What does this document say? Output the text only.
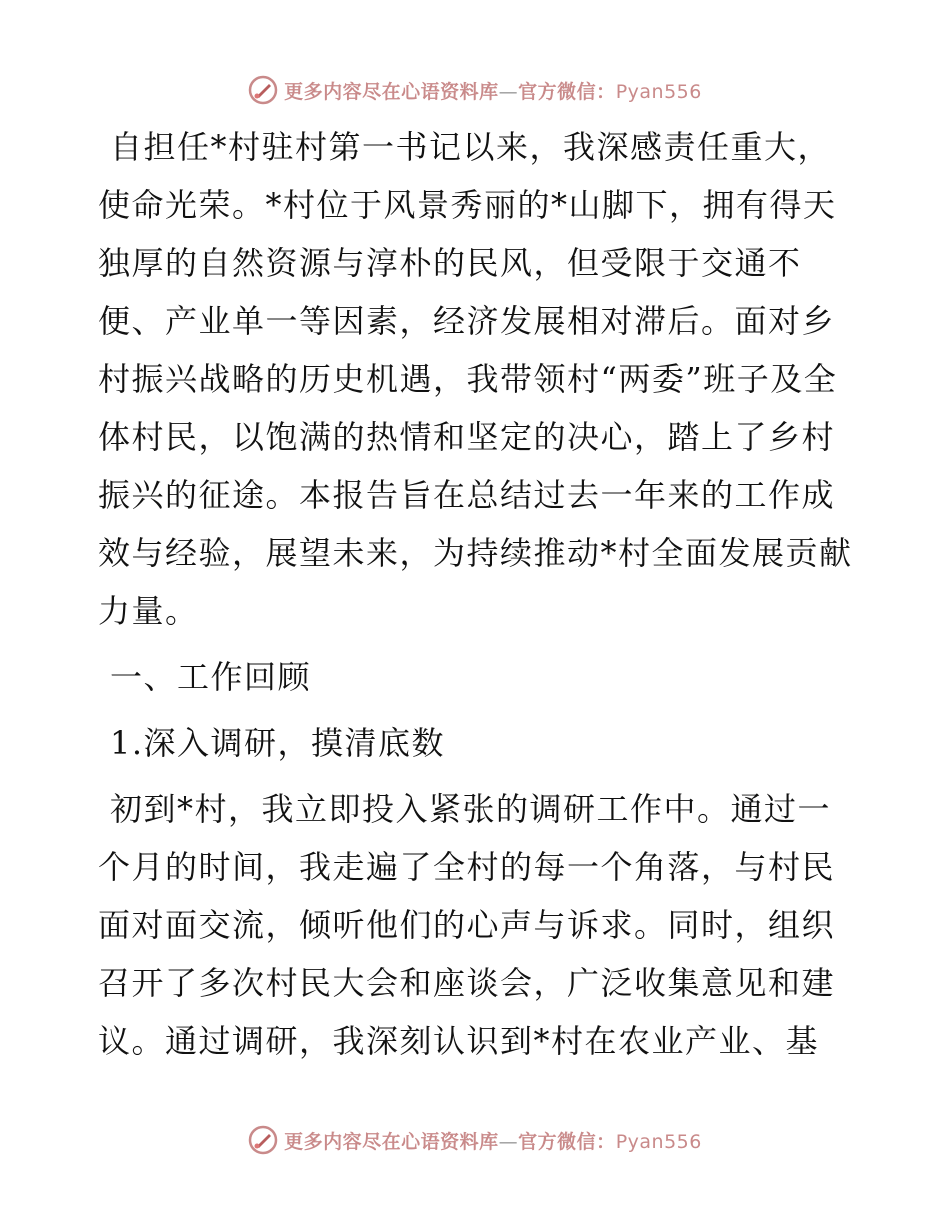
更多内容尽在心语资料库—官方微信：Pyan556

自担任*村驻村第一书记以来，我深感责任重大，使命光荣。*村位于风景秀丽的*山脚下，拥有得天独厚的自然资源与淳朴的民风，但受限于交通不便、产业单一等因素，经济发展相对滞后。面对乡村振兴战略的历史机遇，我带领村“两委”班子及全体村民，以饱满的热情和坚定的决心，踏上了乡村振兴的征途。本报告旨在总结过去一年来的工作成效与经验，展望未来，为持续推动*村全面发展贡献力量。

一、工作回顾

1.深入调研，摸清底数

初到*村，我立即投入紧张的调研工作中。通过一个月的时间，我走遍了全村的每一个角落，与村民面对面交流，倾听他们的心声与诉求。同时，组织召开了多次村民大会和座谈会，广泛收集意见和建议。通过调研，我深刻认识到*村在农业产业、基

更多内容尽在心语资料库—官方微信：Pyan556
